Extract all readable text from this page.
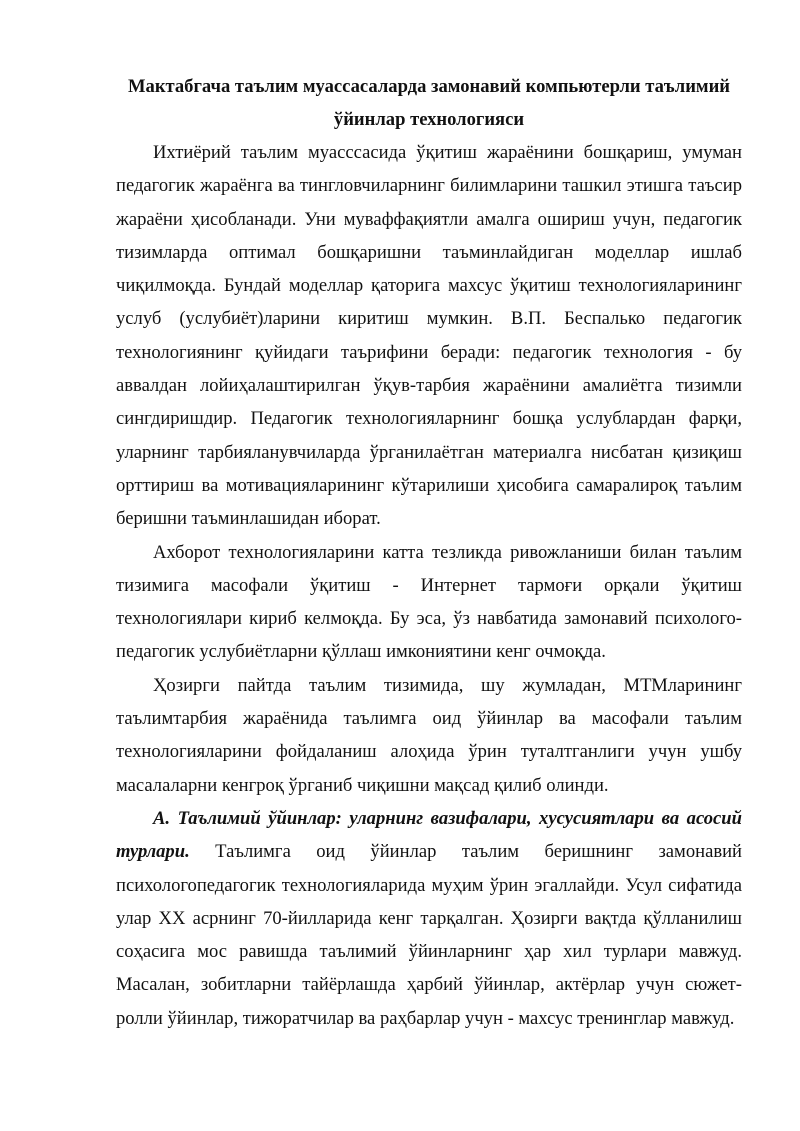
Мактабгача таълим муассасаларда замонавий компьютерли таълимий ўйинлар технологияси

Ихтиёрий таълим муасссасида ўқитиш жараёнини бошқариш, умуман педагогик жараёнга ва тингловчиларнинг билимларини ташкил этишга таъсир жараёни ҳисобланади. Уни муваффақиятли амалга ошириш учун, педагогик тизимларда оптимал бошқаришни таъминлайдиган моделлар ишлаб чиқилмоқда. Бундай моделлар қаторига махсус ўқитиш технологияларининг услуб (услубиёт)ларини киритиш мумкин. В.П. Беспалько педагогик технологиянинг қуйидаги таърифини беради: педагогик технология - бу аввалдан лойиҳалаштирилган ўқув-тарбия жараёнини амалиётга тизимли сингдиришдир. Педагогик технологияларнинг бошқа услублардан фарқи, уларнинг тарбияланувчиларда ўрганилаётган материалга нисбатан қизиқиш орттириш ва мотивацияларининг кўтарилиши ҳисобига самаралироқ таълим беришни таъминлашидан иборат.

Ахборот технологияларини катта тезликда ривожланиши билан таълим тизимига масофали ўқитиш - Интернет тармоғи орқали ўқитиш технологиялари кириб келмоқда. Бу эса, ўз навбатида замонавий психолого-педагогик услубиётларни қўллаш имкониятини кенг очмоқда.

Ҳозирги пайтда таълим тизимида, шу жумладан, МТМларининг таълимтарбия жараёнида таълимга оид ўйинлар ва масофали таълим технологияларини фойдаланиш алоҳида ўрин туталтганлиги учун ушбу масалаларни кенгроқ ўрганиб чиқишни мақсад қилиб олинди.

А. Таълимий ўйинлар: уларнинг вазифалари, хусусиятлари ва асосий турлари. Таълимга оид ўйинлар таълим беришнинг замонавий психологопедагогик технологияларида муҳим ўрин эгаллайди. Усул сифатида улар XX асрнинг 70-йилларида кенг тарқалган. Ҳозирги вақтда қўлланилиш соҳасига мос равишда таълимий ўйинларнинг ҳар хил турлари мавжуд. Масалан, зобитларни тайёрлашда ҳарбий ўйинлар, актёрлар учун сюжет-ролли ўйинлар, тижоратчилар ва раҳбарлар учун - махсус тренинглар мавжуд.
